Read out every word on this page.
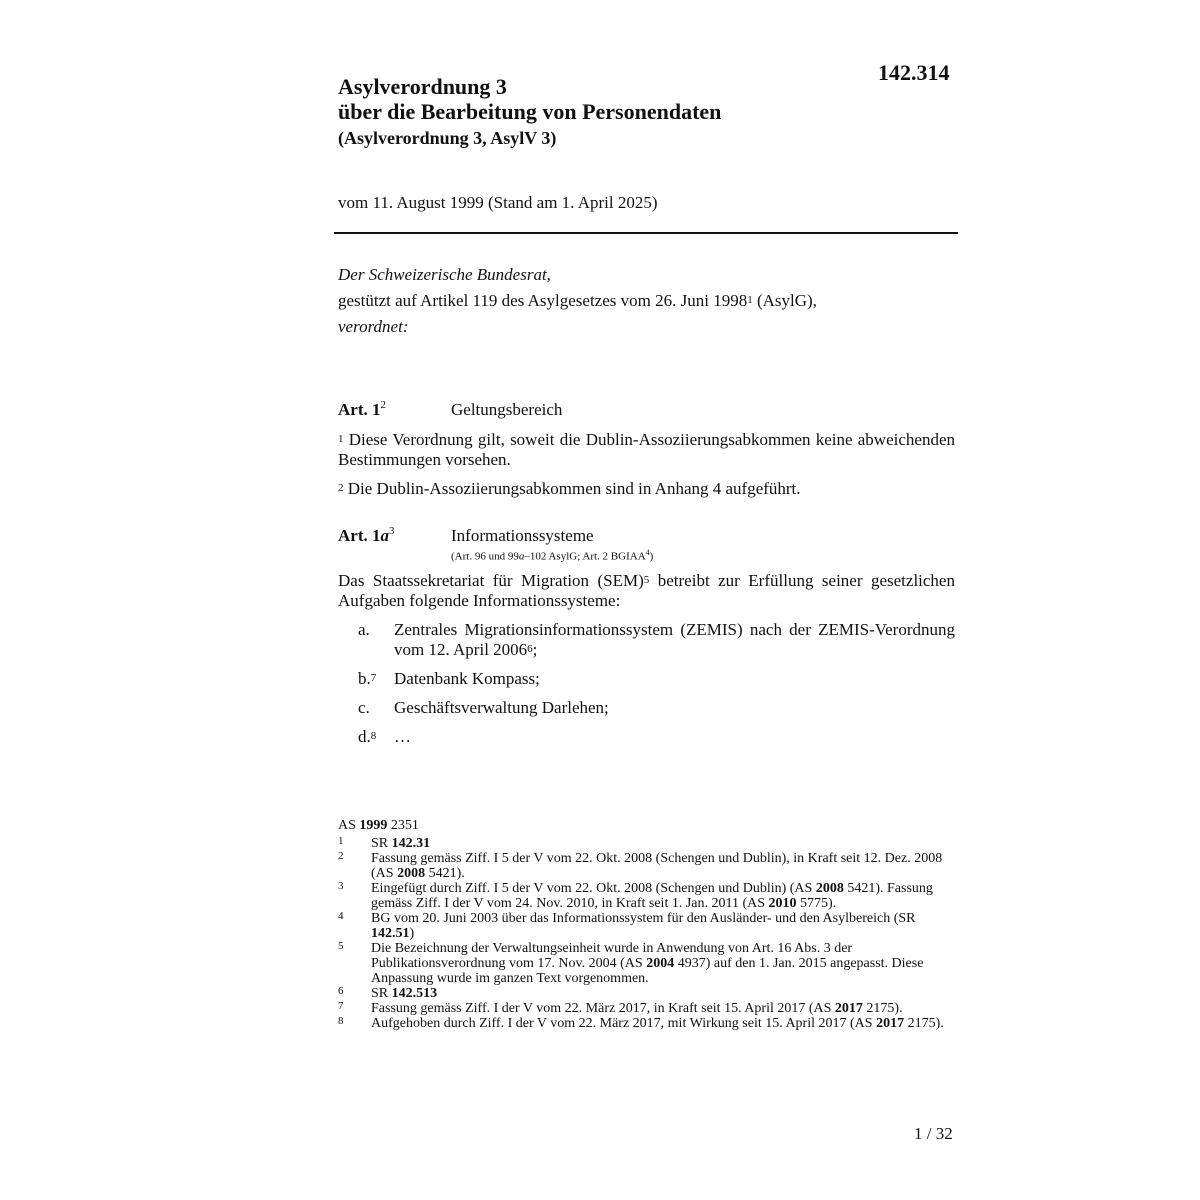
142.314
Asylverordnung 3
über die Bearbeitung von Personendaten
(Asylverordnung 3, AsylV 3)
vom 11. August 1999 (Stand am 1. April 2025)
Der Schweizerische Bundesrat,
gestützt auf Artikel 119 des Asylgesetzes vom 26. Juni 1998$^1$ (AsylG),
verordnet:
Art. $1^2$	Geltungsbereich
$^1$ Diese Verordnung gilt, soweit die Dublin-Assoziierungsabkommen keine abweichenden Bestimmungen vorsehen.
$^2$ Die Dublin-Assoziierungsabkommen sind in Anhang 4 aufgeführt.
Art. $1a^3$	Informationssysteme
(Art. 96 und 99a–102 AsylG; Art. 2 BGIAA$^4$)
Das Staatssekretariat für Migration (SEM)$^5$ betreibt zur Erfüllung seiner gesetzlichen Aufgaben folgende Informationssysteme:
a. Zentrales Migrationsinformationssystem (ZEMIS) nach der ZEMIS-Verordnung vom 12. April 2006$^6$;
b.$^7$ Datenbank Kompass;
c. Geschäftsverwaltung Darlehen;
d.$^8$ …
AS 1999 2351
1 SR 142.31
2 Fassung gemäss Ziff. I 5 der V vom 22. Okt. 2008 (Schengen und Dublin), in Kraft seit 12. Dez. 2008 (AS 2008 5421).
3 Eingefügt durch Ziff. I 5 der V vom 22. Okt. 2008 (Schengen und Dublin) (AS 2008 5421). Fassung gemäss Ziff. I der V vom 24. Nov. 2010, in Kraft seit 1. Jan. 2011 (AS 2010 5775).
4 BG vom 20. Juni 2003 über das Informationssystem für den Ausländer- und den Asylbereich (SR 142.51)
5 Die Bezeichnung der Verwaltungseinheit wurde in Anwendung von Art. 16 Abs. 3 der Publikationsverordnung vom 17. Nov. 2004 (AS 2004 4937) auf den 1. Jan. 2015 angepasst. Diese Anpassung wurde im ganzen Text vorgenommen.
6 SR 142.513
7 Fassung gemäss Ziff. I der V vom 22. März 2017, in Kraft seit 15. April 2017 (AS 2017 2175).
8 Aufgehoben durch Ziff. I der V vom 22. März 2017, mit Wirkung seit 15. April 2017 (AS 2017 2175).
1 / 32
